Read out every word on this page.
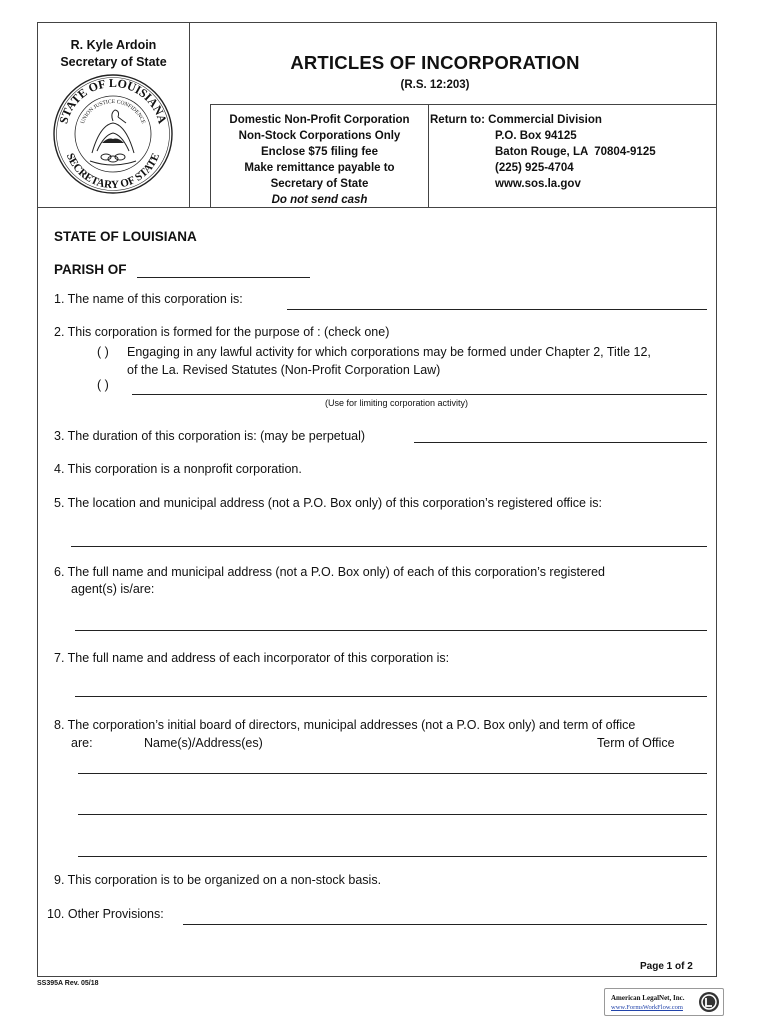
R. Kyle Ardoin
Secretary of State
STATE OF LOUISIANA
SECRETARY OF STATE
UNION JUSTICE CONFIDENCE
ARTICLES OF INCORPORATION
(R.S. 12:203)
Domestic Non-Profit Corporation
Non-Stock Corporations Only
Enclose $75 filing fee
Make remittance payable to
Secretary of State
Do not send cash
Return to: Commercial Division
P.O. Box 94125
Baton Rouge, LA  70804-9125
(225) 925-4704
www.sos.la.gov
STATE OF LOUISIANA
PARISH OF
1. The name of this corporation is:
2. This corporation is formed for the purpose of : (check one)
( ) Engaging in any lawful activity for which corporations may be formed under Chapter 2, Title 12,
of the La. Revised Statutes (Non-Profit Corporation Law)
( )
(Use for limiting corporation activity)
3. The duration of this corporation is: (may be perpetual)
4. This corporation is a nonprofit corporation.
5. The location and municipal address (not a P.O. Box only) of this corporation’s registered office is:
6. The full name and municipal address (not a P.O. Box only) of each of this corporation’s registered
agent(s) is/are:
7. The full name and address of each incorporator of this corporation is:
8. The corporation’s initial board of directors, municipal addresses (not a P.O. Box only) and term of office
are:	Name(s)/Address(es)	Term of Office
9. This corporation is to be organized on a non-stock basis.
10. Other Provisions:
Page 1 of 2
SS395A Rev. 05/18
American LegalNet, Inc.
www.FormsWorkFlow.com
